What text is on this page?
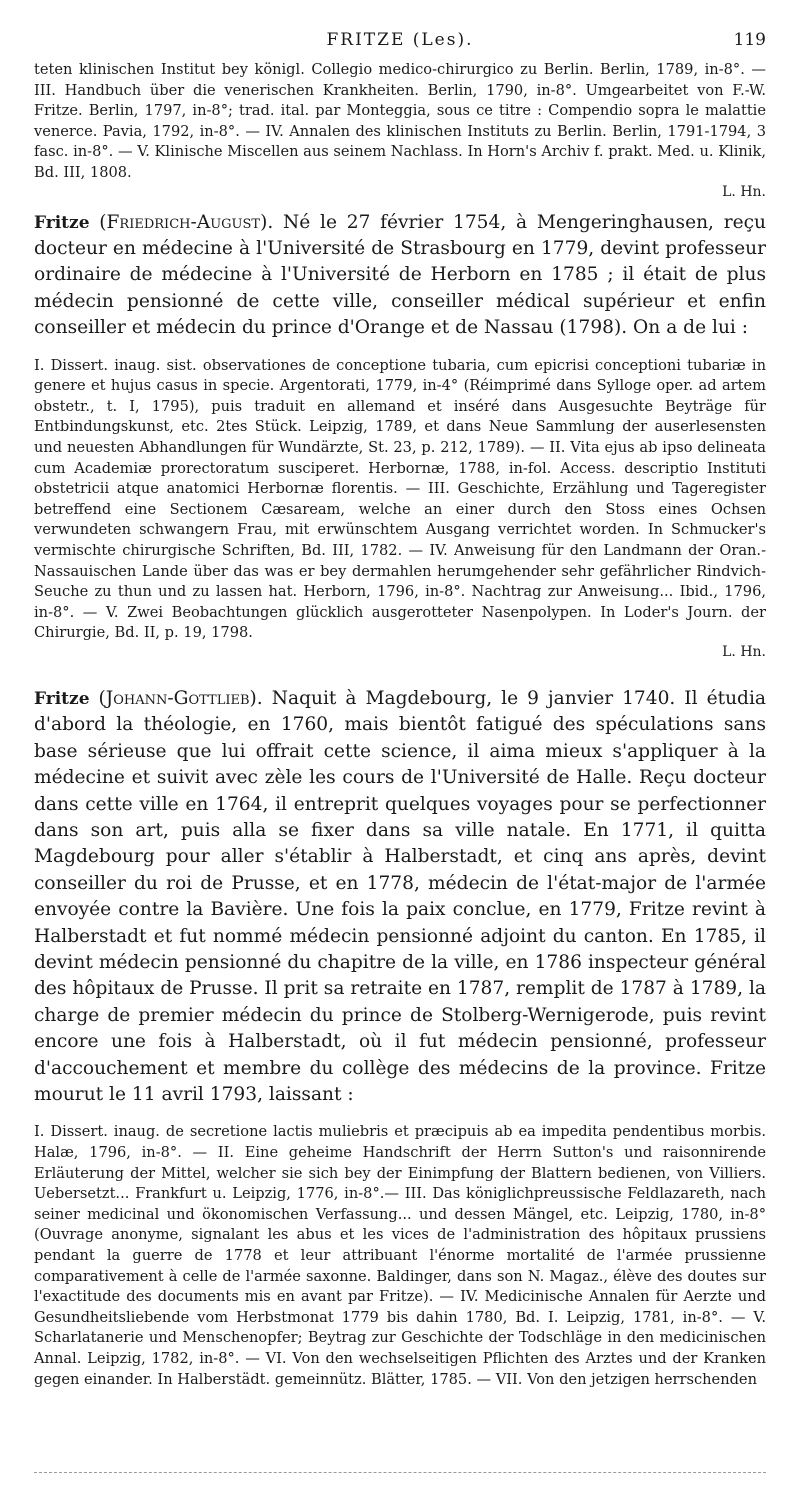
FRITZE (Les).	119

teten klinischen Institut bey königl. Collegio medico-chirurgico zu Berlin. Berlin, 1789, in-8°. — III. Handbuch über die venerischen Krankheiten. Berlin, 1790, in-8°. Umgearbeitet von F.-W. Fritze. Berlin, 1797, in-8°; trad. ital. par Monteggia, sous ce titre : Compendio sopra le malattie venerce. Pavia, 1792, in-8°. — IV. Annalen des klinischen Instituts zu Berlin. Berlin, 1791-1794, 3 fasc. in-8°. — V. Klinische Miscellen aus seinem Nachlass. In Horn's Archiv f. prakt. Med. u. Klinik, Bd. III, 1808.

L. Hn.

Fritze (Friedrich-August). Né le 27 février 1754, à Mengeringhausen, reçu docteur en médecine à l'Université de Strasbourg en 1779, devint professeur ordinaire de médecine à l'Université de Herborn en 1785 ; il était de plus médecin pensionné de cette ville, conseiller médical supérieur et enfin conseiller et médecin du prince d'Orange et de Nassau (1798). On a de lui :

I. Dissert. inaug. sist. observationes de conceptione tubaria, cum epicrisi conceptioni tubariæ in genere et hujus casus in specie. Argentorati, 1779, in-4° (Réimprimé dans Sylloge oper. ad artem obstetr., t. I, 1795), puis traduit en allemand et inséré dans Ausgesuchte Beyträge für Entbindungskunst, etc. 2tes Stück. Leipzig, 1789, et dans Neue Sammlung der auserlesensten und neuesten Abhandlungen für Wundärzte, St. 23, p. 212, 1789). — II. Vita ejus ab ipso delineata cum Academiæ prorectoratum susciperet. Herbornæ, 1788, in-fol. Access. descriptio Instituti obstetricii atque anatomici Herbornæ florentis. — III. Geschichte, Erzählung und Tageregister betreffend eine Sectionem Cæsaream, welche an einer durch den Stoss eines Ochsen verwundeten schwangern Frau, mit erwünschtem Ausgang verrichtet worden. In Schmucker's vermischte chirurgische Schriften, Bd. III, 1782. — IV. Anweisung für den Landmann der Oran.-Nassauischen Lande über das was er bey dermahlen herumgehender sehr gefährlicher Rindvich-Seuche zu thun und zu lassen hat. Herborn, 1796, in-8°. Nachtrag zur Anweisung... Ibid., 1796, in-8°. — V. Zwei Beobachtungen glücklich ausgerotteter Nasenpolypen. In Loder's Journ. der Chirurgie, Bd. II, p. 19, 1798.

L. Hn.

Fritze (Johann-Gottlieb). Naquit à Magdebourg, le 9 janvier 1740. Il étudia d'abord la théologie, en 1760, mais bientôt fatigué des spéculations sans base sérieuse que lui offrait cette science, il aima mieux s'appliquer à la médecine et suivit avec zèle les cours de l'Université de Halle. Reçu docteur dans cette ville en 1764, il entreprit quelques voyages pour se perfectionner dans son art, puis alla se fixer dans sa ville natale. En 1771, il quitta Magdebourg pour aller s'établir à Halberstadt, et cinq ans après, devint conseiller du roi de Prusse, et en 1778, médecin de l'état-major de l'armée envoyée contre la Bavière. Une fois la paix conclue, en 1779, Fritze revint à Halberstadt et fut nommé médecin pensionné adjoint du canton. En 1785, il devint médecin pensionné du chapitre de la ville, en 1786 inspecteur général des hôpitaux de Prusse. Il prit sa retraite en 1787, remplit de 1787 à 1789, la charge de premier médecin du prince de Stolberg-Wernigerode, puis revint encore une fois à Halberstadt, où il fut médecin pensionné, professeur d'accouchement et membre du collège des médecins de la province. Fritze mourut le 11 avril 1793, laissant :

I. Dissert. inaug. de secretione lactis muliebris et præcipuis ab ea impedita pendentibus morbis. Halæ, 1796, in-8°. — II. Eine geheime Handschrift der Herrn Sutton's und raisonnirende Erläuterung der Mittel, welcher sie sich bey der Einimpfung der Blattern bedienen, von Villiers. Uebersetzt... Frankfurt u. Leipzig, 1776, in-8°.— III. Das königlichpreussische Feldlazareth, nach seiner medicinal und ökonomischen Verfassung... und dessen Mängel, etc. Leipzig, 1780, in-8° (Ouvrage anonyme, signalant les abus et les vices de l'administration des hôpitaux prussiens pendant la guerre de 1778 et leur attribuant l'énorme mortalité de l'armée prussienne comparativement à celle de l'armée saxonne. Baldinger, dans son N. Magaz., élève des doutes sur l'exactitude des documents mis en avant par Fritze). — IV. Medicinische Annalen für Aerzte und Gesundheitsliebende vom Herbstmonat 1779 bis dahin 1780, Bd. I. Leipzig, 1781, in-8°. — V. Scharlatanerie und Menschenopfer; Beytrag zur Geschichte der Todschläge in den medicinischen Annal. Leipzig, 1782, in-8°. — VI. Von den wechselseitigen Pflichten des Arztes und der Kranken gegen einander. In Halberstädt. gemeinnütz. Blätter, 1785. — VII. Von den jetzigen herrschenden
